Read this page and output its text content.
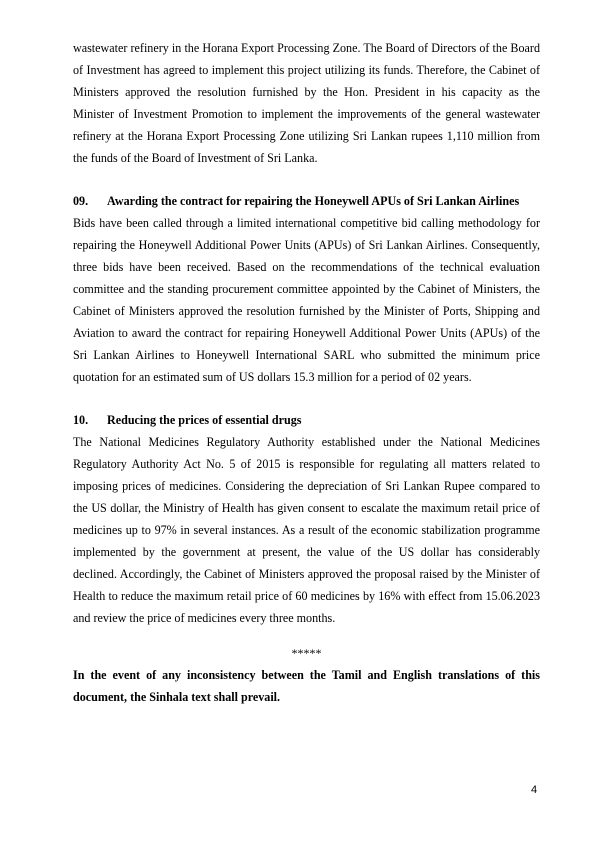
wastewater refinery in the Horana Export Processing Zone. The Board of Directors of the Board of Investment has agreed to implement this project utilizing its funds. Therefore, the Cabinet of Ministers approved the resolution furnished by the Hon. President in his capacity as the Minister of Investment Promotion to implement the improvements of the general wastewater refinery at the Horana Export Processing Zone utilizing Sri Lankan rupees 1,110 million from the funds of the Board of Investment of Sri Lanka.

09.	Awarding the contract for repairing the Honeywell APUs of Sri Lankan Airlines

Bids have been called through a limited international competitive bid calling methodology for repairing the Honeywell Additional Power Units (APUs) of Sri Lankan Airlines. Consequently, three bids have been received. Based on the recommendations of the technical evaluation committee and the standing procurement committee appointed by the Cabinet of Ministers, the Cabinet of Ministers approved the resolution furnished by the Minister of Ports, Shipping and Aviation to award the contract for repairing Honeywell Additional Power Units (APUs) of the Sri Lankan Airlines to Honeywell International SARL who submitted the minimum price quotation for an estimated sum of US dollars 15.3 million for a period of 02 years.

10.	Reducing the prices of essential drugs

The National Medicines Regulatory Authority established under the National Medicines Regulatory Authority Act No. 5 of 2015 is responsible for regulating all matters related to imposing prices of medicines. Considering the depreciation of Sri Lankan Rupee compared to the US dollar, the Ministry of Health has given consent to escalate the maximum retail price of medicines up to 97% in several instances. As a result of the economic stabilization programme implemented by the government at present, the value of the US dollar has considerably declined. Accordingly, the Cabinet of Ministers approved the proposal raised by the Minister of Health to reduce the maximum retail price of 60 medicines by 16% with effect from 15.06.2023 and review the price of medicines every three months.

*****

In the event of any inconsistency between the Tamil and English translations of this document, the Sinhala text shall prevail.

4
